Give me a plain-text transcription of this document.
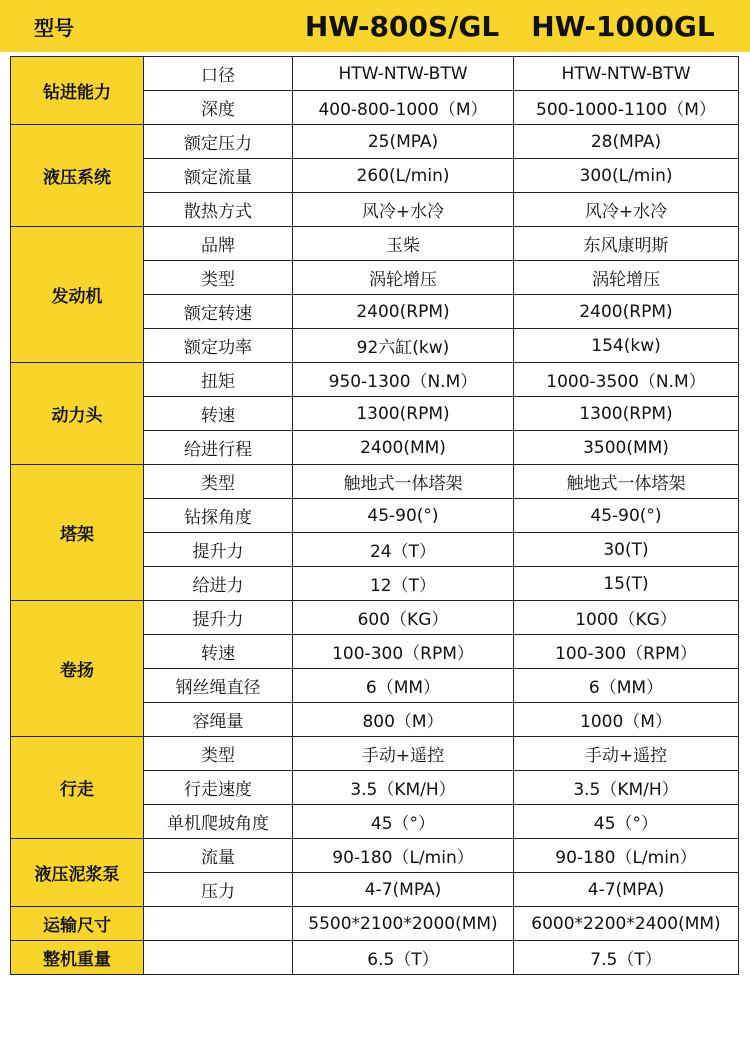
型号	HW-800S/GL	HW-1000GL
钻进能力	口径	HTW-NTW-BTW	HTW-NTW-BTW
	深度	400-800-1000（M）	500-1000-1100（M）
液压系统	额定压力	25(MPA)	28(MPA)
	额定流量	260(L/min)	300(L/min)
	散热方式	风冷+水冷	风冷+水冷
发动机	品牌	玉柴	东风康明斯
	类型	涡轮增压	涡轮增压
	额定转速	2400(RPM)	2400(RPM)
	额定功率	92六缸(kw)	154(kw)
动力头	扭矩	950-1300（N.M）	1000-3500（N.M）
	转速	1300(RPM)	1300(RPM)
	给进行程	2400(MM)	3500(MM)
塔架	类型	触地式一体塔架	触地式一体塔架
	钻探角度	45-90(°)	45-90(°)
	提升力	24（T）	30(T)
	给进力	12（T）	15(T)
卷扬	提升力	600（KG）	1000（KG）
	转速	100-300（RPM）	100-300（RPM）
	钢丝绳直径	6（MM）	6（MM）
	容绳量	800（M）	1000（M）
行走	类型	手动+遥控	手动+遥控
	行走速度	3.5（KM/H）	3.5（KM/H）
	单机爬坡角度	45（°）	45（°）
液压泥浆泵	流量	90-180（L/min）	90-180（L/min）
	压力	4-7(MPA)	4-7(MPA)
运输尺寸		5500*2100*2000(MM)	6000*2200*2400(MM)
整机重量		6.5（T）	7.5（T）
